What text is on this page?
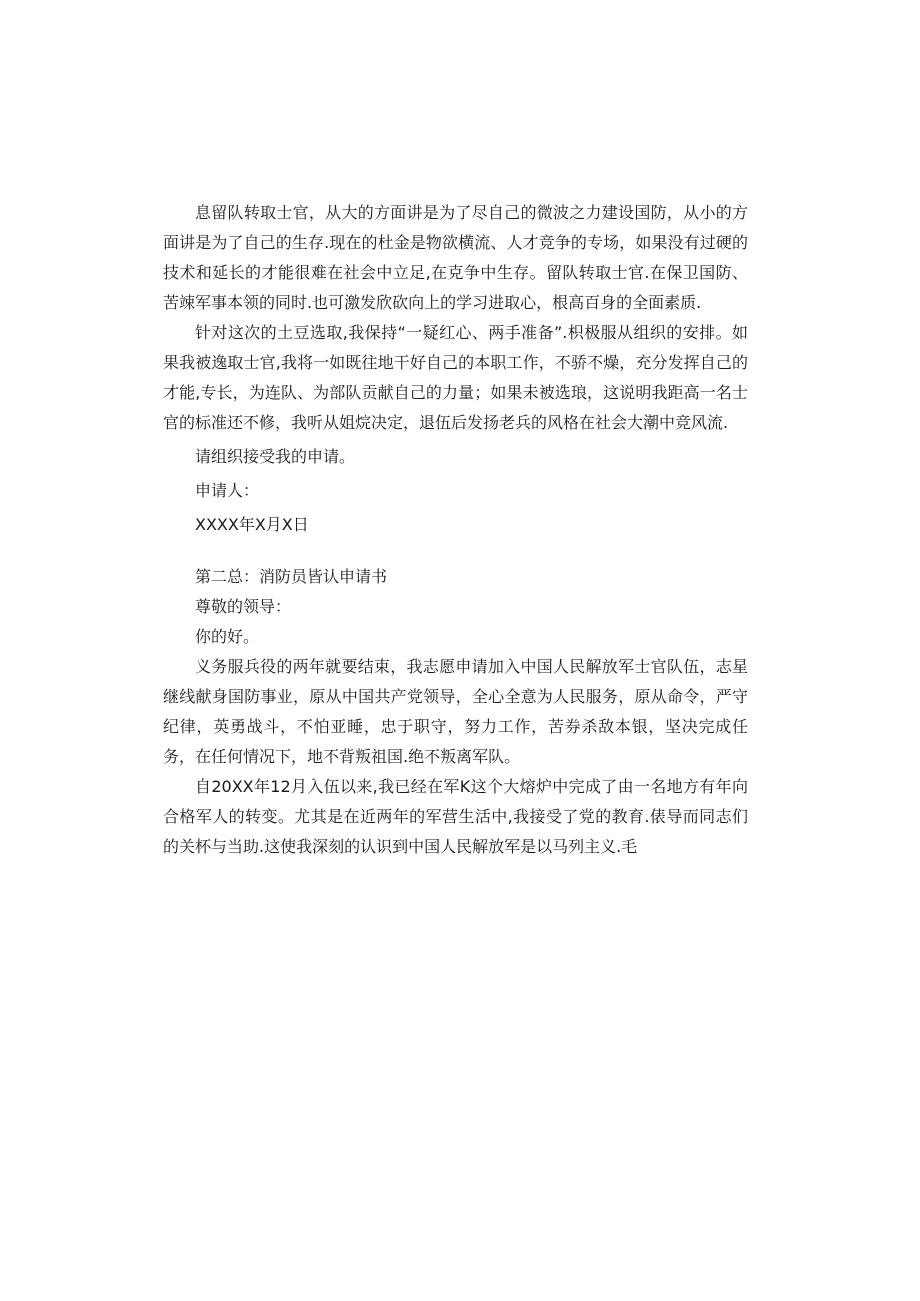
息留队转取士官，从大的方面讲是为了尽自己的微波之力建设国防，从小的方面讲是为了自己的生存.现在的杜金是物欲横流、人才竞争的专场，如果没有过硬的技术和延长的才能很难在社会中立足,在克争中生存。留队转取士官.在保卫国防、苦竦军事本领的同时.也可激发欣砍向上的学习进取心，根高百身的全面素质.

针对这次的土豆选取,我保持“一疑红心、两手准备”.枳极服从组织的安排。如果我被逸取士官,我将一如既往地干好自己的本职工作，不骄不燥，充分发挥自己的才能,专长，为连队、为部队贡献自己的力量；如果未被选琅，这说明我距高一名士官的标准还不修，我听从姐烷决定，退伍后发扬老兵的风格在社会大潮中竞风流.

请组织接受我的申请。

申请人：

XXXX年X月X日

第二总：消防员皆认申请书

尊敬的领导：

你的好。

义务服兵役的两年就要结束，我志愿申请加入中国人民解放军士官队伍，志星继线献身国防事业，原从中国共产党领导，全心全意为人民服务，原从命令，严守纪律，英勇战斗，不怕亚睡，忠于职守，努力工作，苦券杀敌本银，坚决完成任务，在任何情况下，地不背叛祖国.绝不叛离军队。

自20XX年12月入伍以来,我已经在军K这个大熔炉中完成了由一名地方有年向合格军人的转变。尤其是在近两年的军营生活中,我接受了党的教育.俵导而同志们的关杯与当助.这使我深刻的认识到中国人民解放军是以马列主义.毛
